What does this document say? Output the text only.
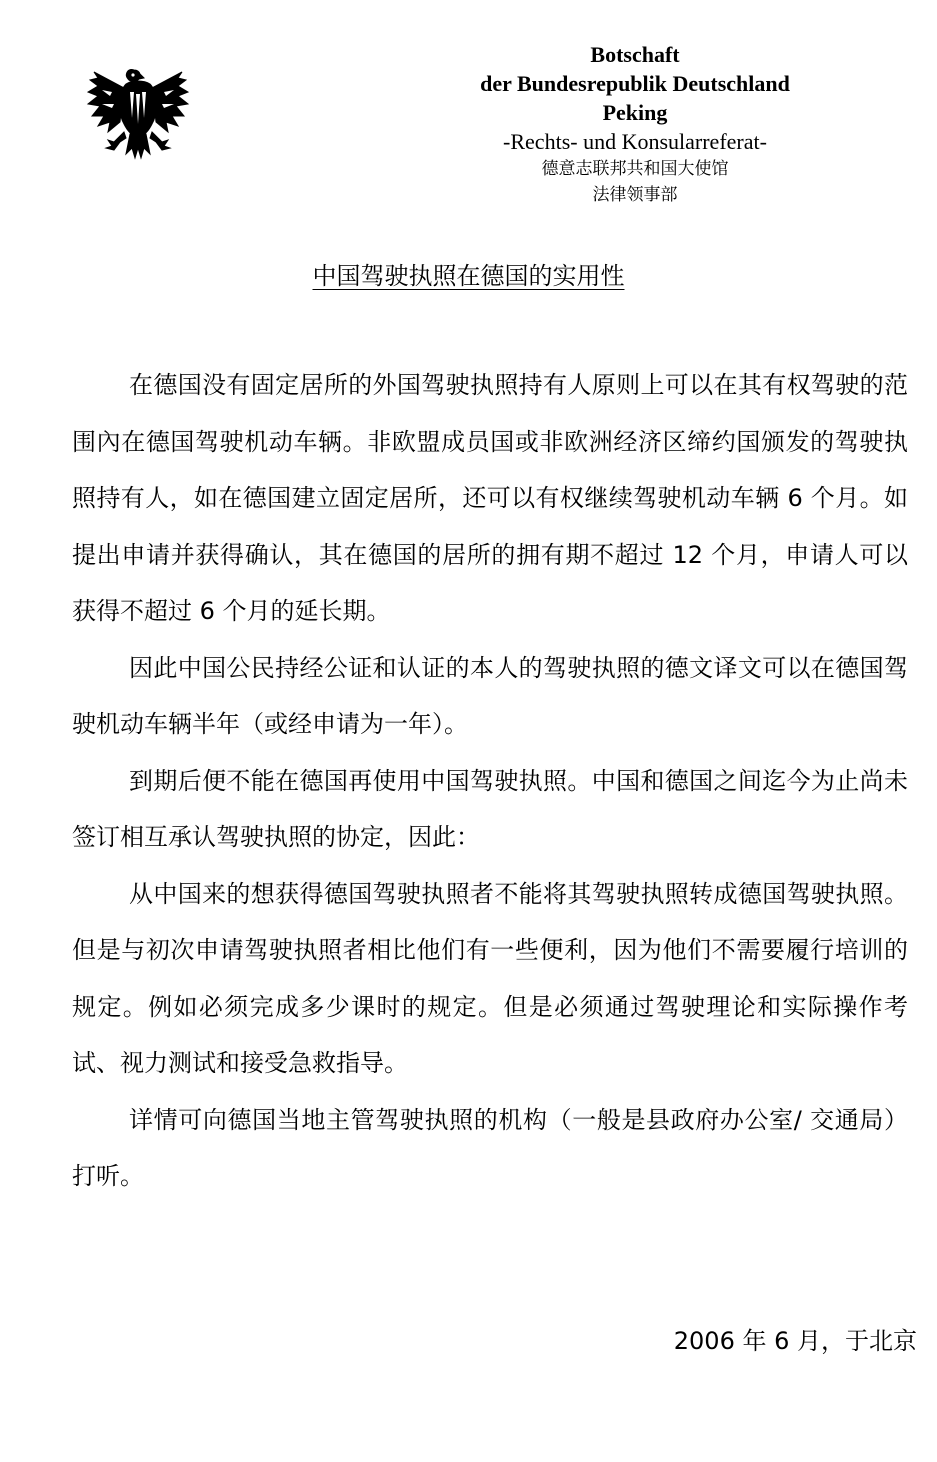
Botschaft
der Bundesrepublik Deutschland
Peking
-Rechts- und Konsularreferat-
德意志联邦共和国大使馆
法律领事部
中国驾驶执照在德国的实用性

在德国没有固定居所的外国驾驶执照持有人原则上可以在其有权驾驶的范围內在德国驾驶机动车辆。非欧盟成员国或非欧洲经济区缔约国颁发的驾驶执照持有人，如在德国建立固定居所，还可以有权继续驾驶机动车辆 6 个月。如提出申请并获得确认，其在德国的居所的拥有期不超过 12 个月，申请人可以获得不超过 6 个月的延长期。

因此中国公民持经公证和认证的本人的驾驶执照的德文译文可以在德国驾驶机动车辆半年（或经申请为一年）。

到期后便不能在德国再使用中国驾驶执照。中国和德国之间迄今为止尚未签订相互承认驾驶执照的协定，因此：

从中国来的想获得德国驾驶执照者不能将其驾驶执照转成德国驾驶执照。但是与初次申请驾驶执照者相比他们有一些便利，因为他们不需要履行培训的规定。例如必须完成多少课时的规定。但是必须通过驾驶理论和实际操作考试、视力测试和接受急救指导。

详情可向德国当地主管驾驶执照的机构（一般是县政府办公室/ 交通局）打听。

2006 年 6 月，于北京
